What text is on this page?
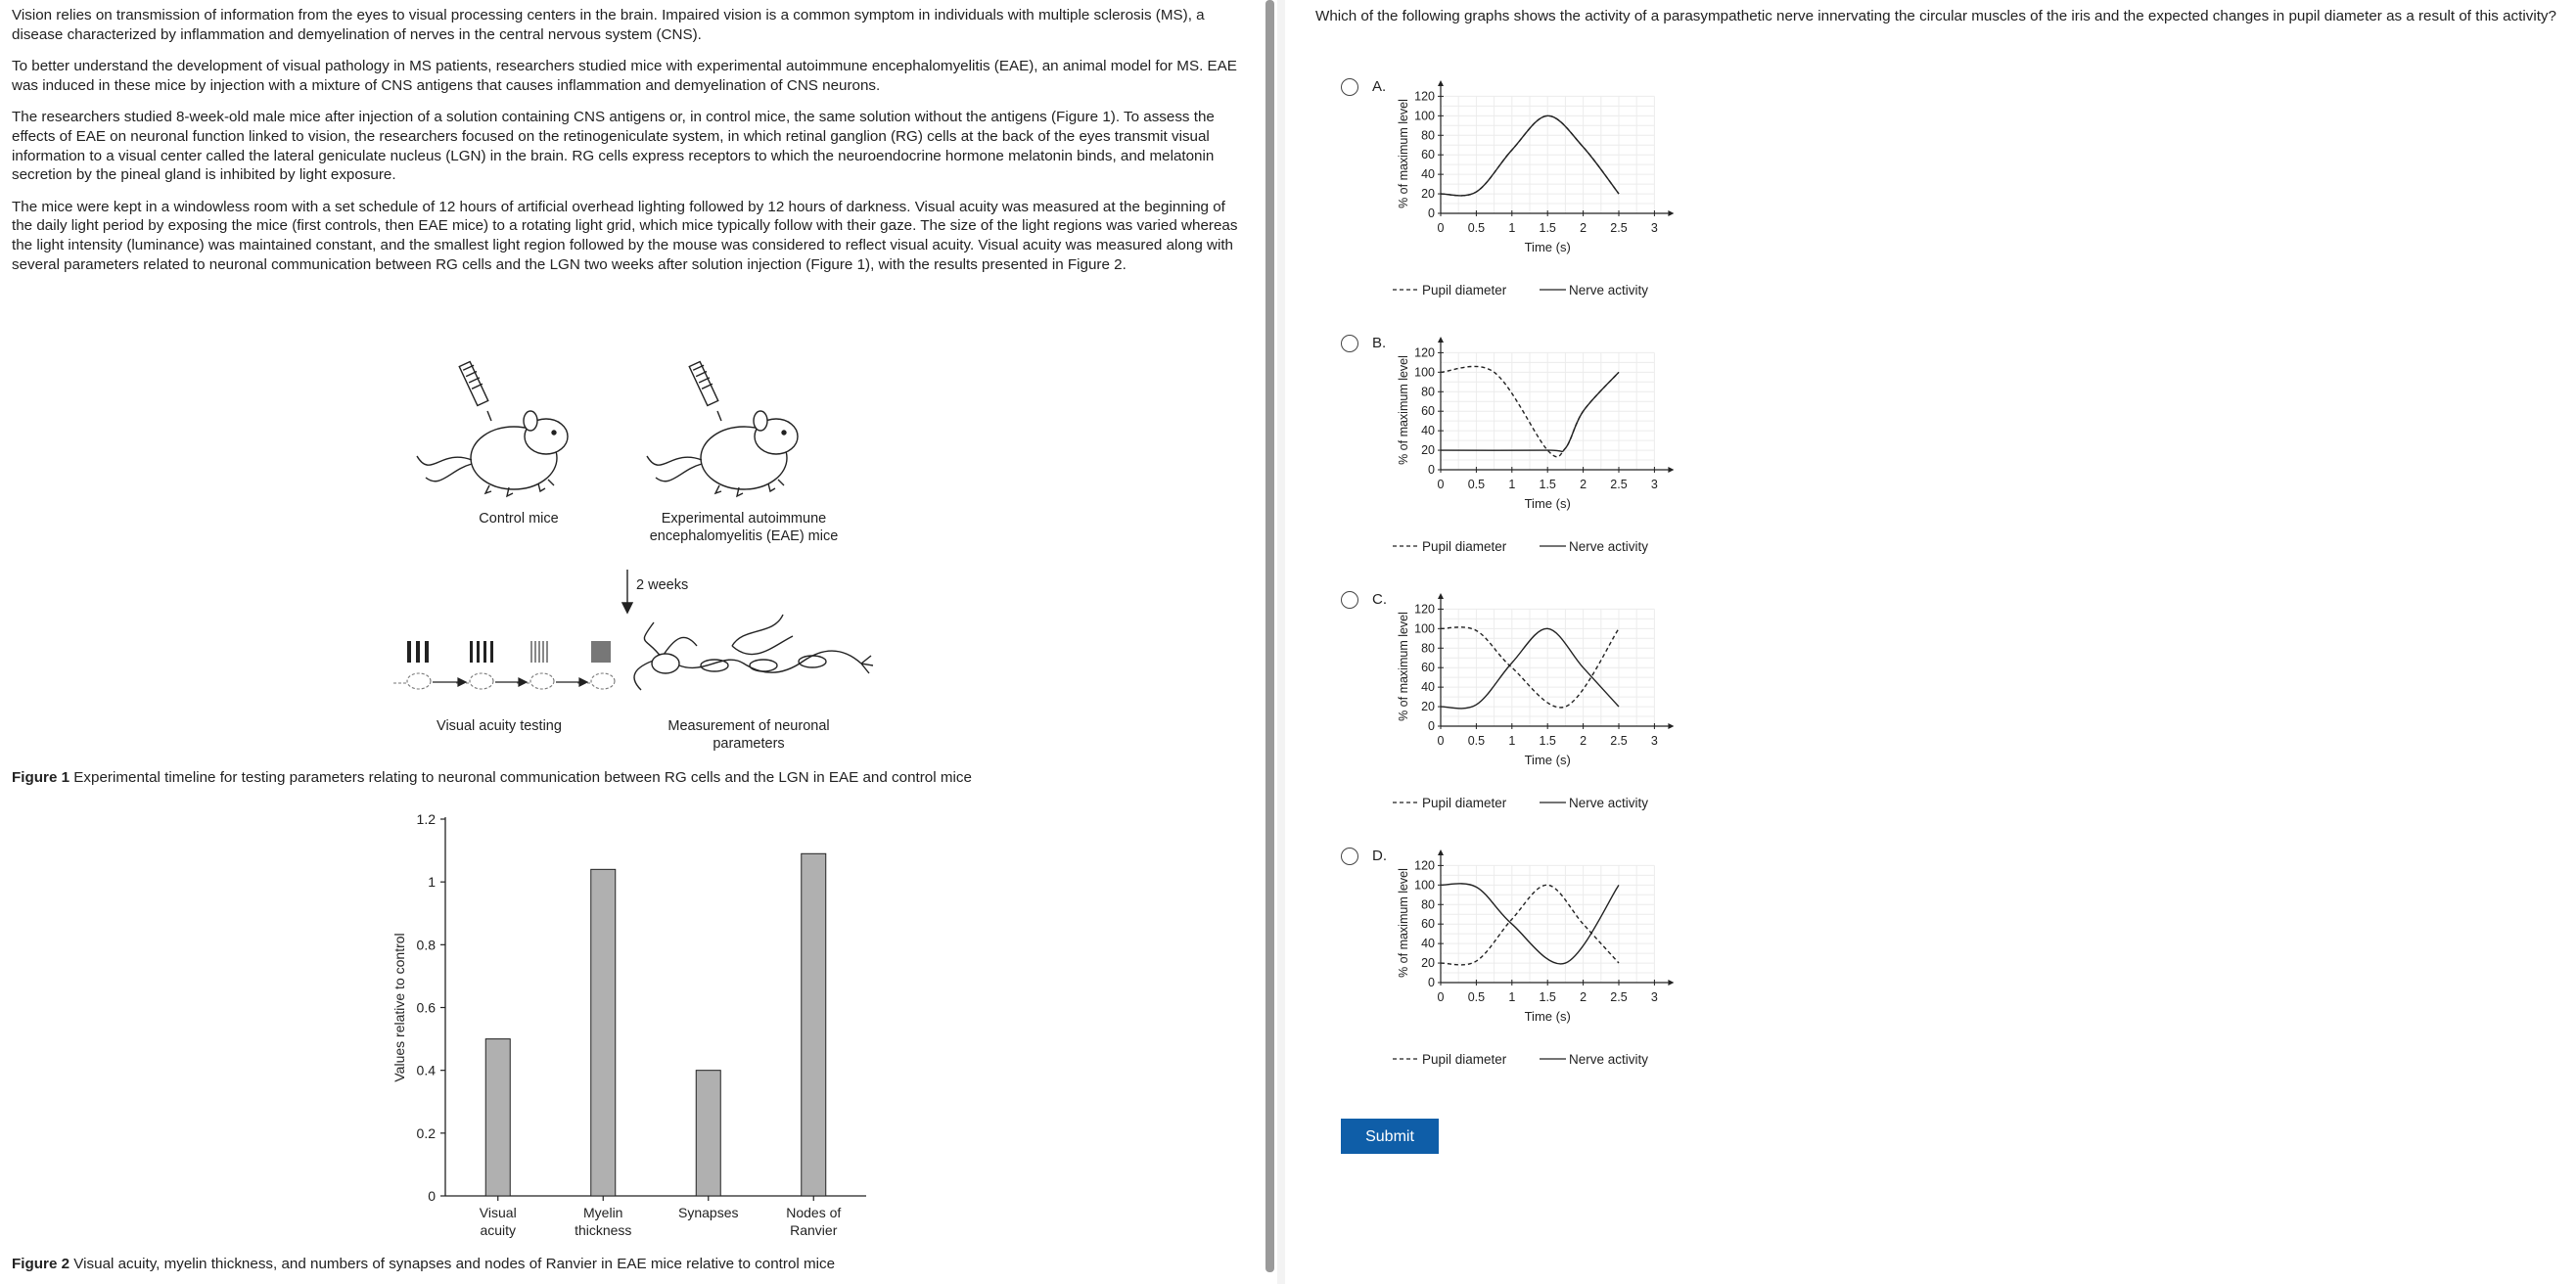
Vision relies on transmission of information from the eyes to visual processing centers in the brain. Impaired vision is a common symptom in individuals with multiple sclerosis (MS), a disease characterized by inflammation and demyelination of nerves in the central nervous system (CNS).

To better understand the development of visual pathology in MS patients, researchers studied mice with experimental autoimmune encephalomyelitis (EAE), an animal model for MS. EAE was induced in these mice by injection with a mixture of CNS antigens that causes inflammation and demyelination of CNS neurons.

The researchers studied 8-week-old male mice after injection of a solution containing CNS antigens or, in control mice, the same solution without the antigens (Figure 1). To assess the effects of EAE on neuronal function linked to vision, the researchers focused on the retinogeniculate system, in which retinal ganglion (RG) cells at the back of the eyes transmit visual information to a visual center called the lateral geniculate nucleus (LGN) in the brain. RG cells express receptors to which the neuroendocrine hormone melatonin binds, and melatonin secretion by the pineal gland is inhibited by light exposure.

The mice were kept in a windowless room with a set schedule of 12 hours of artificial overhead lighting followed by 12 hours of darkness. Visual acuity was measured at the beginning of the daily light period by exposing the mice (first controls, then EAE mice) to a rotating light grid, which mice typically follow with their gaze. The size of the light regions was varied whereas the light intensity (luminance) was maintained constant, and the smallest light region followed by the mouse was considered to reflect visual acuity. Visual acuity was measured along with several parameters related to neuronal communication between RG cells and the LGN two weeks after solution injection (Figure 1), with the results presented in Figure 2.

Control mice	Experimental autoimmune
encephalomyelitis (EAE) mice
2 weeks
Visual acuity testing	Measurement of neuronal
parameters
Figure 1 Experimental timeline for testing parameters relating to neuronal communication between RG cells and the LGN in EAE and control mice
0
0.2
0.4
0.6
0.8
1
1.2
Values relative to control
Visual
acuity
Myelin
thickness
Synapses	Nodes of
Ranvier
Figure 2 Visual acuity, myelin thickness, and numbers of synapses and nodes of Ranvier in EAE mice relative to control mice
Which of the following graphs shows the activity of a parasympathetic nerve innervating the circular muscles of the iris and the expected changes in pupil diameter as a result of this activity?
A.
B.
C.
D.
0
20
40
60
80
100
120
0 0.5 1 1.5 2 2.5 3
Time (s)
% of maximum level
Pupil diameter	Nerve activity
0
20
40
60
80
100
120
0 0.5 1 1.5 2 2.5 3
Time (s)
% of maximum level
Pupil diameter	Nerve activity
0
20
40
60
80
100
120
0 0.5 1 1.5 2 2.5 3
Time (s)
% of maximum level
Pupil diameter	Nerve activity
0
20
40
60
80
100
120
0 0.5 1 1.5 2 2.5 3
Time (s)
% of maximum level
Pupil diameter	Nerve activity
Submit
